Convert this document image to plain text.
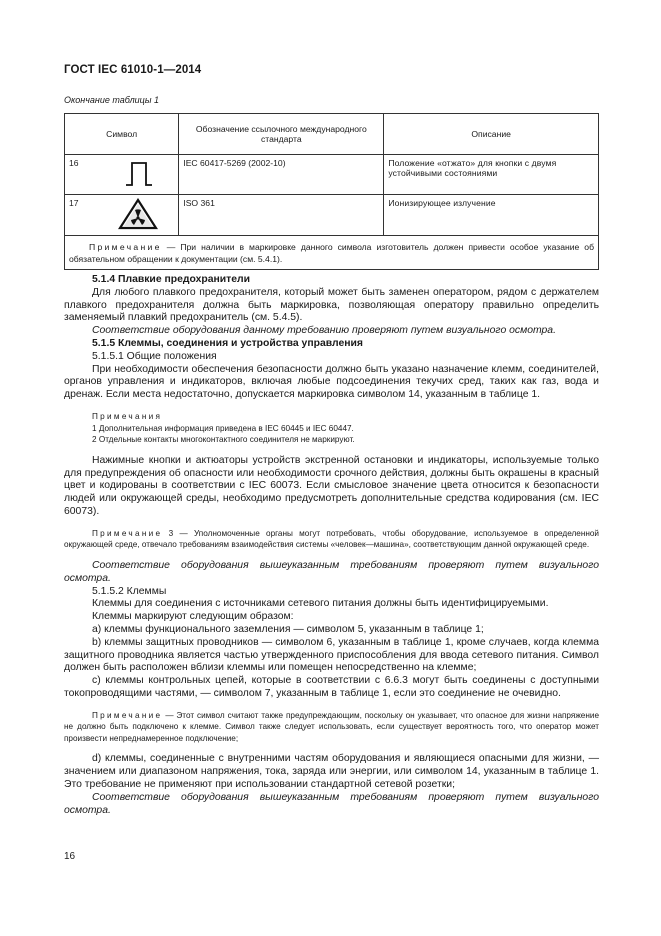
ГОСТ IEC 61010-1—2014
Окончание таблицы 1
Символ		Обозначение ссылочного международного стандарта	Описание
16		IEC 60417-5269 (2002-10)	Положение «отжато» для кнопки с двумя устойчивыми состояниями
17		ISO 361	Ионизирующее излучение
Примечание — При наличии в маркировке данного символа изготовитель должен привести особое указание об обязательном обращении к документации (см. 5.4.1).			

5.1.4 Плавкие предохранители

Для любого плавкого предохранителя, который может быть заменен оператором, рядом с держателем плавкого предохранителя должна быть маркировка, позволяющая оператору правильно определить заменяемый плавкий предохранитель (см. 5.4.5).

Соответствие оборудования данному требованию проверяют путем визуального осмотра.

5.1.5 Клеммы, соединения и устройства управления

5.1.5.1 Общие положения

При необходимости обеспечения безопасности должно быть указано назначение клемм, соединителей, органов управления и индикаторов, включая любые подсоединения текучих сред, таких как газ, вода и дренаж. Если места недостаточно, допускается маркировка символом 14, указанным в таблице 1.

Примечания

1 Дополнительная информация приведена в IEC 60445 и IEC 60447.

2 Отдельные контакты многоконтактного соединителя не маркируют.

Нажимные кнопки и актюаторы устройств экстренной остановки и индикаторы, используемые только для предупреждения об опасности или необходимости срочного действия, должны быть окрашены в красный цвет и кодированы в соответствии с IEC 60073. Если смысловое значение цвета относится к безопасности людей или окружающей среды, необходимо предусмотреть дополнительные средства кодирования (см. IEC 60073).

Примечание 3 — Уполномоченные органы могут потребовать, чтобы оборудование, используемое в определенной окружающей среде, отвечало требованиям взаимодействия системы «человек—машина», соответствующим данной окружающей среде.

Соответствие оборудования вышеуказанным требованиям проверяют путем визуального осмотра.

5.1.5.2 Клеммы

Клеммы для соединения с источниками сетевого питания должны быть идентифицируемыми.

Клеммы маркируют следующим образом:

а) клеммы функционального заземления — символом 5, указанным в таблице 1;

b) клеммы защитных проводников — символом 6, указанным в таблице 1, кроме случаев, когда клемма защитного проводника является частью утвержденного приспособления для ввода сетевого питания. Символ должен быть расположен вблизи клеммы или помещен непосредственно на клемме;

c) клеммы контрольных цепей, которые в соответствии с 6.6.3 могут быть соединены с доступными токопроводящими частями, — символом 7, указанным в таблице 1, если это соединение не очевидно.

Примечание — Этот символ считают также предупреждающим, поскольку он указывает, что опасное для жизни напряжение не должно быть подключено к клемме. Символ также следует использовать, если существует вероятность того, что оператор может произвести непреднамеренное подключение;

d) клеммы, соединенные с внутренними частям оборудования и являющиеся опасными для жизни, — значением или диапазоном напряжения, тока, заряда или энергии, или символом 14, указанным в таблице 1. Это требование не применяют при использовании стандартной сетевой розетки;

Соответствие оборудования вышеуказанным требованиям проверяют путем визуального осмотра.

16
